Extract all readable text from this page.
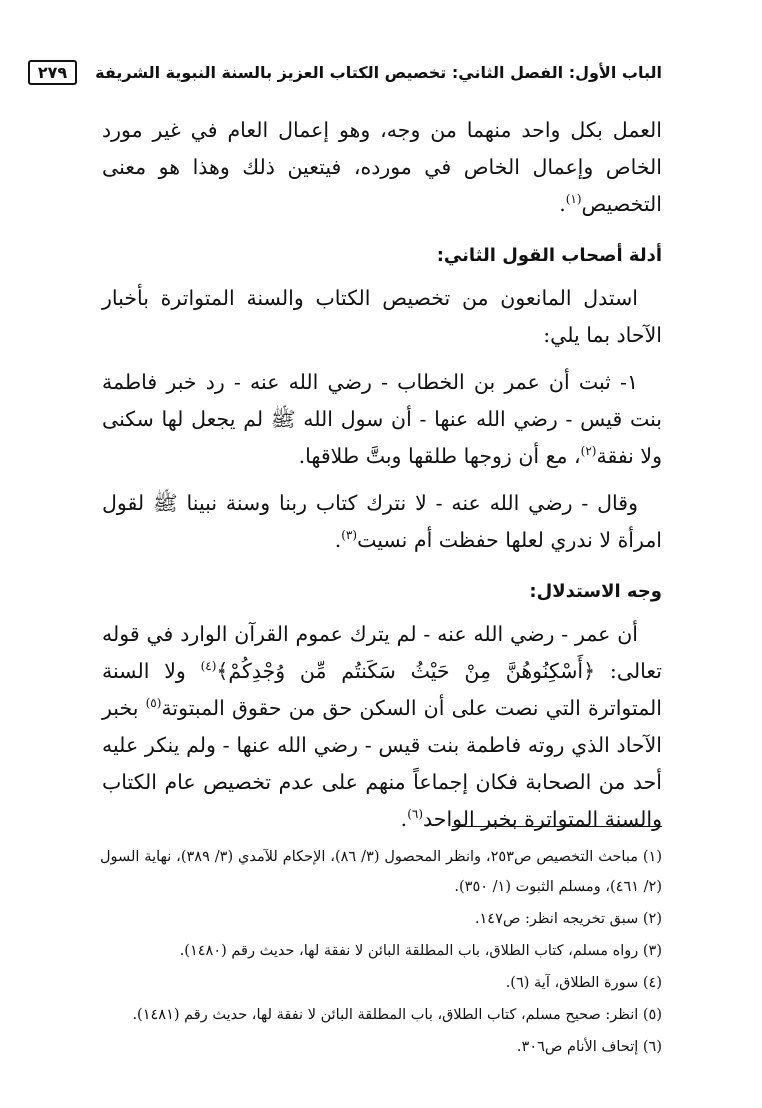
الباب الأول: الفصل الثاني: تخصيص الكتاب العزيز بالسنة النبوية الشريفة
٢٧٩

العمل بكل واحد منهما من وجه، وهو إعمال العام في غير مورد الخاص وإعمال الخاص في مورده، فيتعين ذلك وهذا هو معنى التخصيص$^{(١)}$.

أدلة أصحاب القول الثاني:

استدل المانعون من تخصيص الكتاب والسنة المتواترة بأخبار الآحاد بما يلي:

١- ثبت أن عمر بن الخطاب - رضي الله عنه - رد خبر فاطمة بنت قيس - رضي الله عنها - أن سول الله ﷺ لم يجعل لها سكنى ولا نفقة$^{(٢)}$، مع أن زوجها طلقها وبتَّ طلاقها.

وقال - رضي الله عنه - لا نترك كتاب ربنا وسنة نبينا ﷺ لقول امرأة لا ندري لعلها حفظت أم نسيت$^{(٣)}$.

وجه الاستدلال:

أن عمر - رضي الله عنه - لم يترك عموم القرآن الوارد في قوله تعالى: ﴿أَسْكِنُوهُنَّ مِنْ حَيْثُ سَكَنتُم مِّن وُجْدِكُمْ﴾$^{(٤)}$ ولا السنة المتواترة التي نصت على أن السكن حق من حقوق المبتوتة$^{(٥)}$ بخبر الآحاد الذي روته فاطمة بنت قيس - رضي الله عنها - ولم ينكر عليه أحد من الصحابة فكان إجماعاً منهم على عدم تخصيص عام الكتاب والسنة المتواترة بخبر الواحد$^{(٦)}$.

(١) مباحث التخصيص ص٢٥٣، وانظر المحصول (٣/ ٨٦)، الإحكام للآمدي (٣/ ٣٨٩)، نهاية السول (٢/ ٤٦١)، ومسلم الثبوت (١/ ٣٥٠).

(٢) سبق تخريجه انظر: ص١٤٧.

(٣) رواه مسلم، كتاب الطلاق، باب المطلقة البائن لا نفقة لها، حديث رقم (١٤٨٠).

(٤) سورة الطلاق، آية (٦).

(٥) انظر: صحيح مسلم، كتاب الطلاق، باب المطلقة البائن لا نفقة لها، حديث رقم (١٤٨١).

(٦) إتحاف الأنام ص٣٠٦.
